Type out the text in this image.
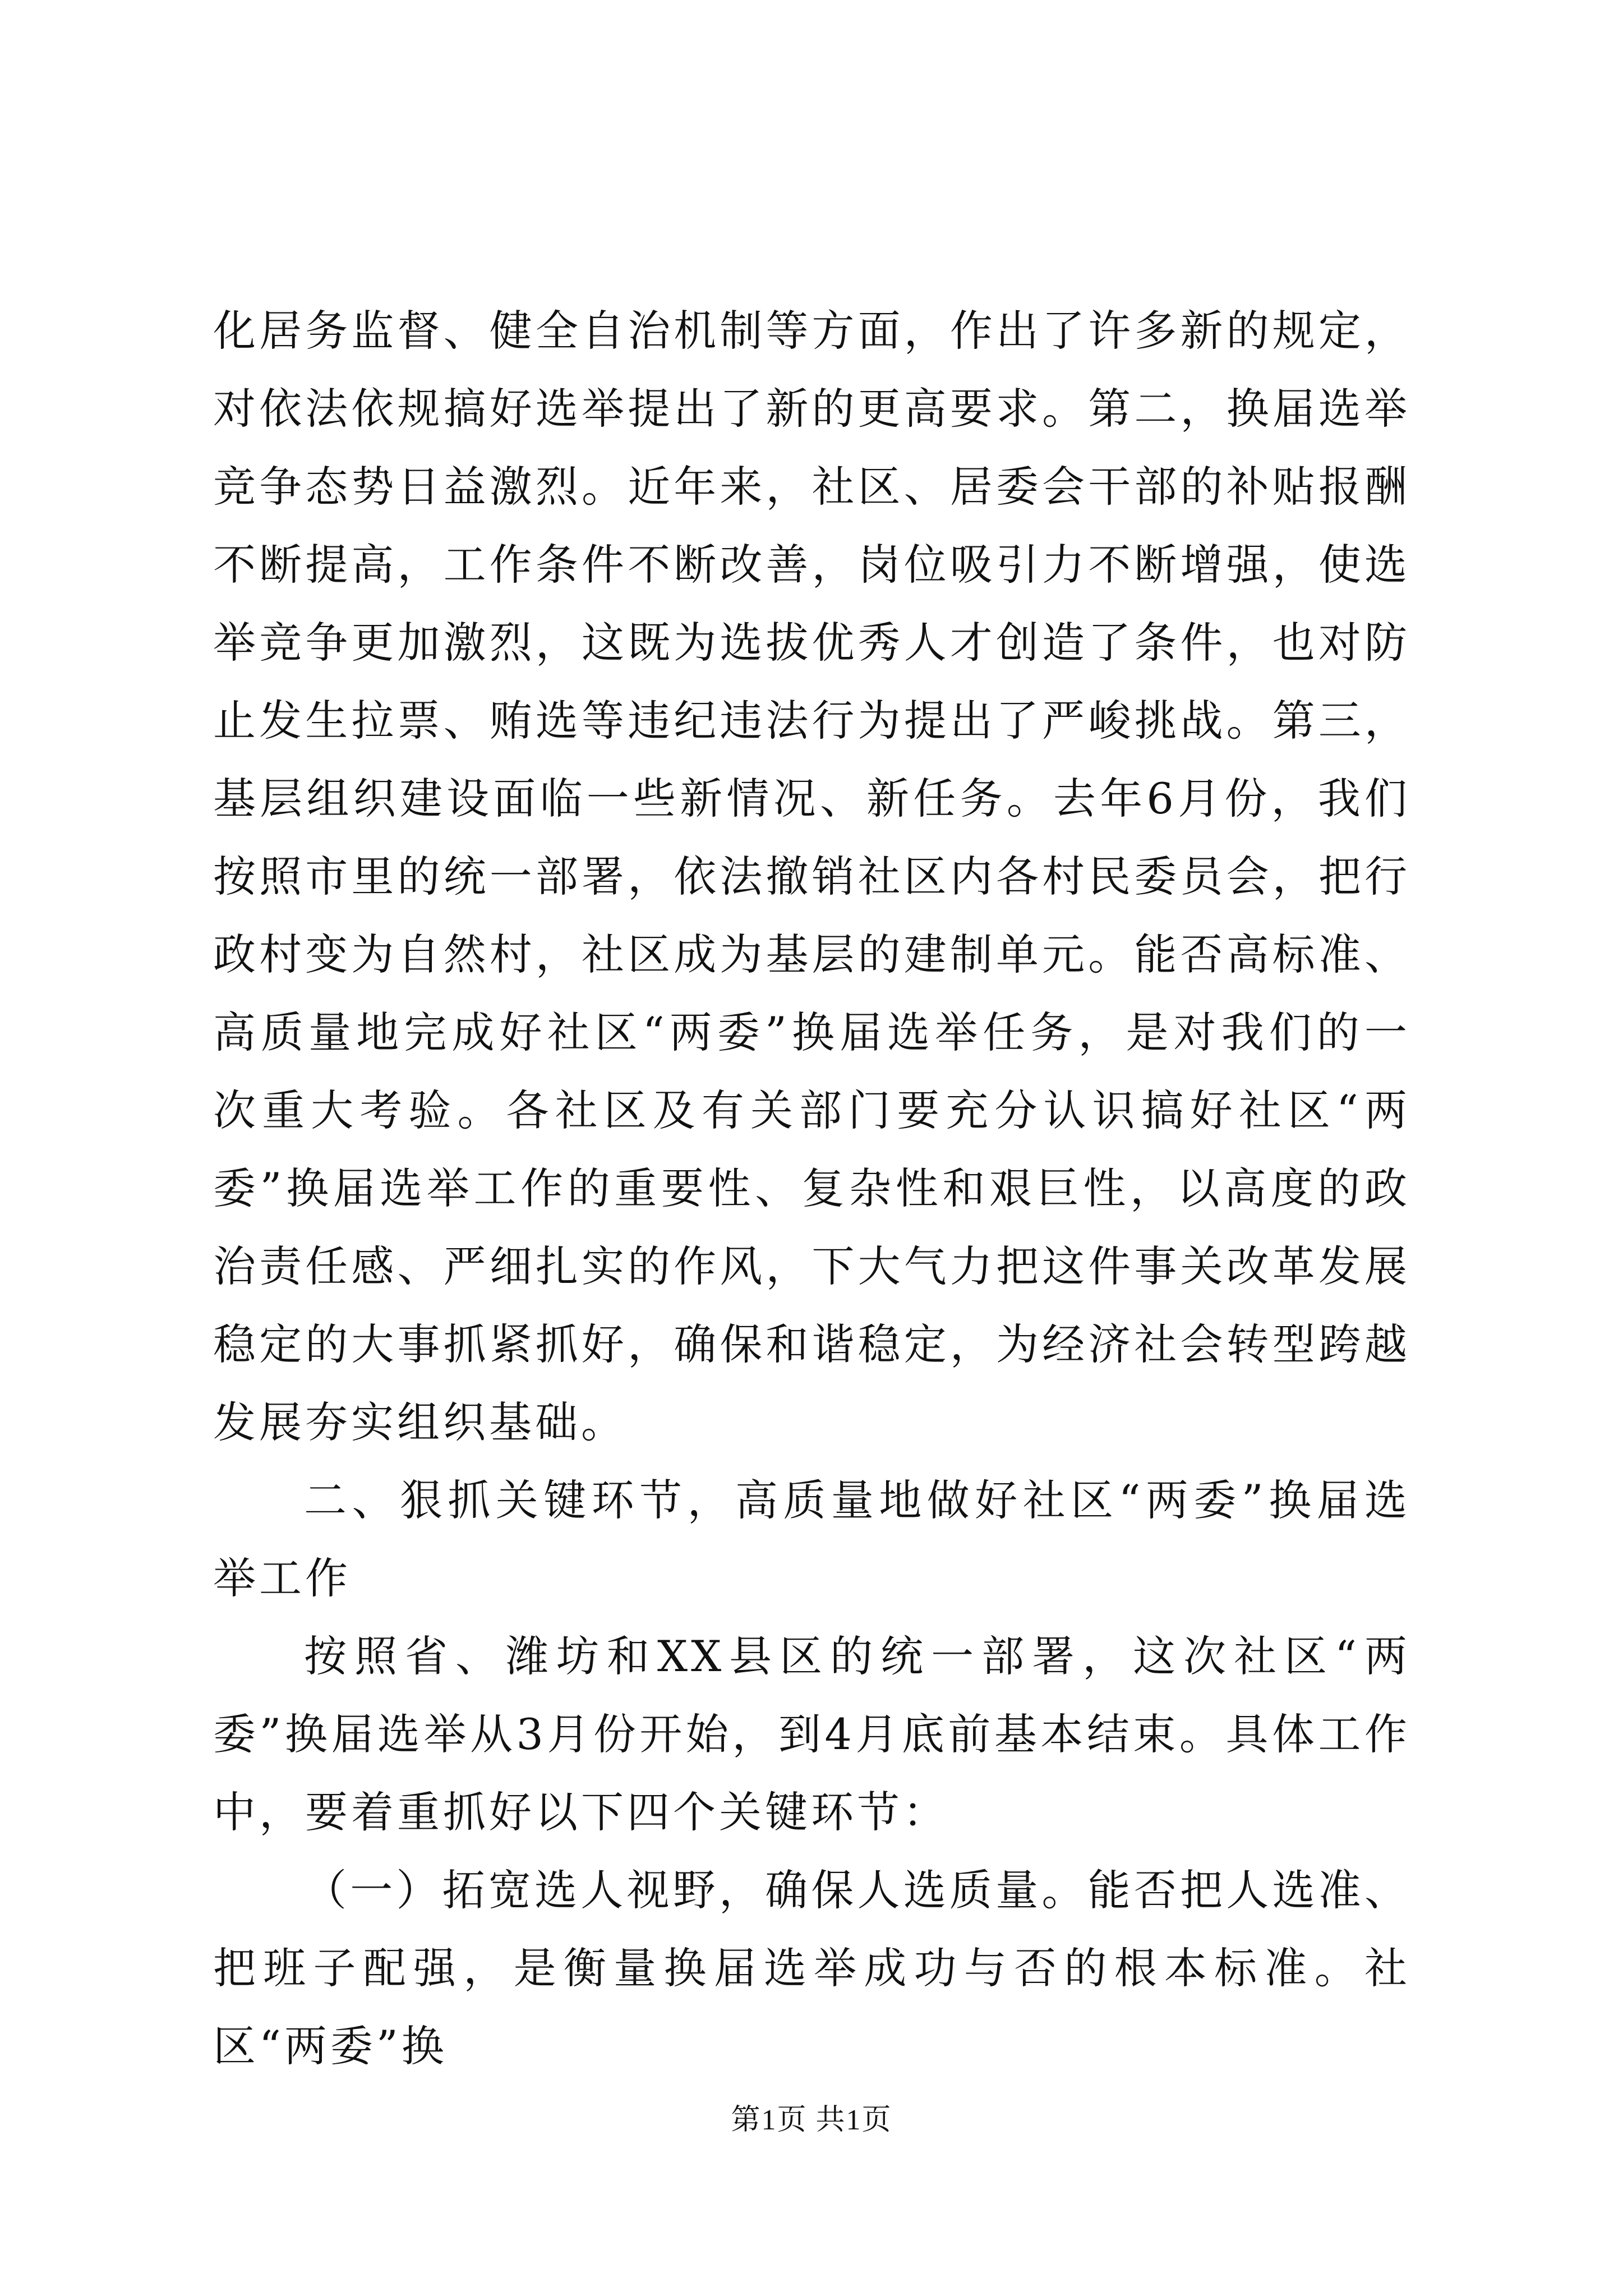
化居务监督、健全自治机制等方面，作出了许多新的规定，对依法依规搞好选举提出了新的更高要求。第二，换届选举竞争态势日益激烈。近年来，社区、居委会干部的补贴报酬不断提高，工作条件不断改善，岗位吸引力不断增强，使选举竞争更加激烈，这既为选拔优秀人才创造了条件，也对防止发生拉票、贿选等违纪违法行为提出了严峻挑战。第三，基层组织建设面临一些新情况、新任务。去年6月份，我们按照市里的统一部署，依法撤销社区内各村民委员会，把行政村变为自然村，社区成为基层的建制单元。能否高标准、高质量地完成好社区“两委”换届选举任务，是对我们的一次重大考验。各社区及有关部门要充分认识搞好社区“两委”换届选举工作的重要性、复杂性和艰巨性，以高度的政治责任感、严细扎实的作风，下大气力把这件事关改革发展稳定的大事抓紧抓好，确保和谐稳定，为经济社会转型跨越发展夯实组织基础。

二、狠抓关键环节，高质量地做好社区“两委”换届选举工作

按照省、潍坊和XX县区的统一部署，这次社区“两委”换届选举从3月份开始，到4月底前基本结束。具体工作中，要着重抓好以下四个关键环节：

（一）拓宽选人视野，确保人选质量。能否把人选准、把班子配强，是衡量换届选举成功与否的根本标准。社区“两委”换

第1页 共1页
